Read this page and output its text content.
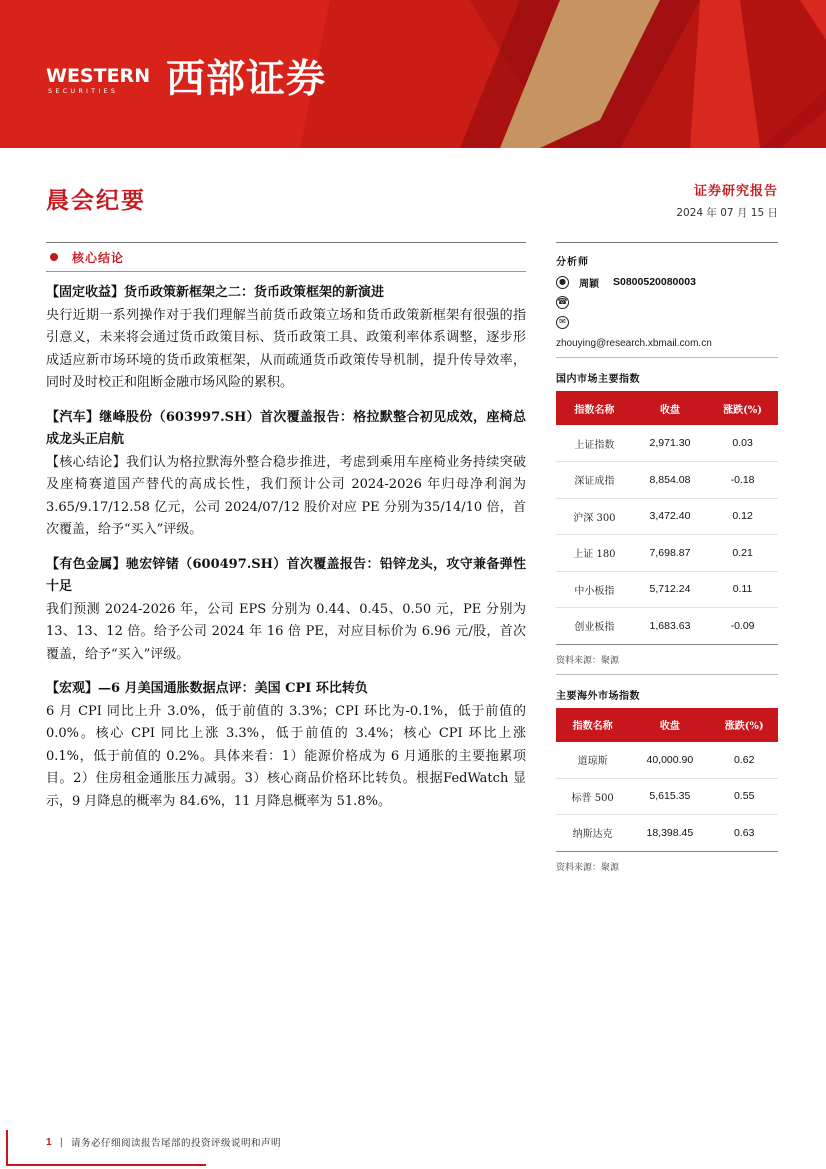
WESTERN
SECURITIES	西部证券
晨会纪要	证券研究报告
2024 年 07 月 15 日
核心结论
【固定收益】货币政策新框架之二：货币政策框架的新演进
央行近期一系列操作对于我们理解当前货币政策立场和货币政策新框架有很强的指引意义，未来将会通过货币政策目标、货币政策工具、政策利率体系调整，逐步形成适应新市场环境的货币政策框架，从而疏通货币政策传导机制，提升传导效率，同时及时校正和阻断金融市场风险的累积。
【汽车】继峰股份（603997.SH）首次覆盖报告：格拉默整合初见成效，座椅总成龙头正启航
【核心结论】我们认为格拉默海外整合稳步推进，考虑到乘用车座椅业务持续突破及座椅赛道国产替代的高成长性，我们预计公司 2024-2026 年归母净利润为 3.65/9.17/12.58 亿元，公司 2024/07/12 股价对应 PE 分别为35/14/10 倍，首次覆盖，给予“买入”评级。
【有色金属】驰宏锌锗（600497.SH）首次覆盖报告：铅锌龙头，攻守兼备弹性十足
我们预测 2024-2026 年，公司 EPS 分别为 0.44、0.45、0.50 元，PE 分别为 13、13、12 倍。给予公司 2024 年 16 倍 PE，对应目标价为 6.96 元/股，首次覆盖，给予“买入”评级。
【宏观】—6 月美国通胀数据点评：美国 CPI 环比转负
6 月 CPI 同比上升 3.0%，低于前值的 3.3%；CPI 环比为-0.1%，低于前值的 0.0%。核心 CPI 同比上涨 3.3%，低于前值的 3.4%；核心 CPI 环比上涨 0.1%，低于前值的 0.2%。具体来看：1）能源价格成为 6 月通胀的主要拖累项目。2）住房租金通胀压力减弱。3）核心商品价格环比转负。根据FedWatch 显示，9 月降息的概率为 84.6%，11 月降息概率为 51.8%。
分析师
●	周颖 S0800520080003
☎
✉
zhouying@research.xbmail.com.cn
国内市场主要指数
指数名称	收盘	涨跌(%)
上证指数	2,971.30	0.03
深证成指	8,854.08	-0.18
沪深 300	3,472.40	0.12
上证 180	7,698.87	0.21
中小板指	5,712.24	0.11
创业板指	1,683.63	-0.09
资料来源：聚源
主要海外市场指数
指数名称	收盘	涨跌(%)
道琼斯	40,000.90	0.62
标普 500	5,615.35	0.55
纳斯达克	18,398.45	0.63
资料来源：聚源
1 | 请务必仔细阅读报告尾部的投资评级说明和声明
